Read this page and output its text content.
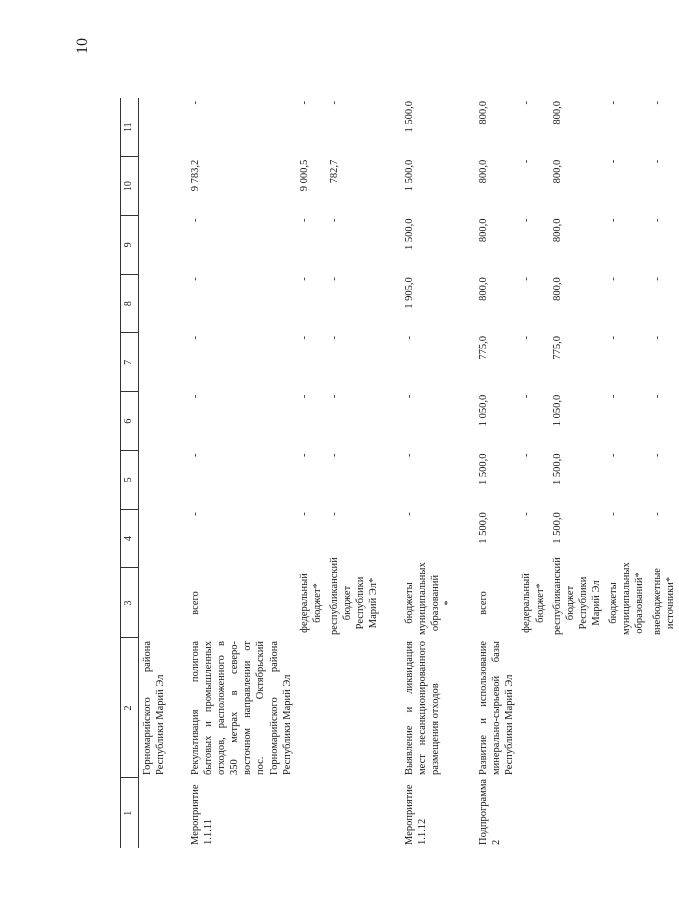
10
1	2	3	4	5	6	7	8	9	10	11
	Горномарийского района Республики Марий Эл									

Мероприятие 1.1.11	Рекультивация полигона бытовых и промышленных отходов, расположенного в 350 метрах в северо-восточном направлении от пос. Октябрьский Горномарийского района Республики Марий Эл	всего	-	-	-	-	-	-	9 783,2	-
		федеральный бюджет*	-	-	-	-	-	-	9 000,5	-
		республиканский бюджет Республики Марий Эл*	-	-	-	-	-	-	782,7	-

Мероприятие 1.1.12	Выявление и ликвидация мест несанкционированного размещения отходов	бюджеты муниципальных образований *	-	-	-	-	1 905,0	1 500,0	1 500,0	1 500,0

Подпрограмма 2	Развитие и использование минерально-сырьевой базы Республики Марий Эл	всего	1 500,0	1 500,0	1 050,0	775,0	800,0	800,0	800,0	800,0
		федеральный бюджет*	-	-	-	-	-	-	-	-
		республиканский бюджет Республики Марий Эл	1 500,0	1 500,0	1 050,0	775,0	800,0	800,0	800,0	800,0
		бюджеты муниципальных образований*	-	-	-	-	-	-	-	-
		внебюджетные источники*	-	-	-	-	-	-	-	-
